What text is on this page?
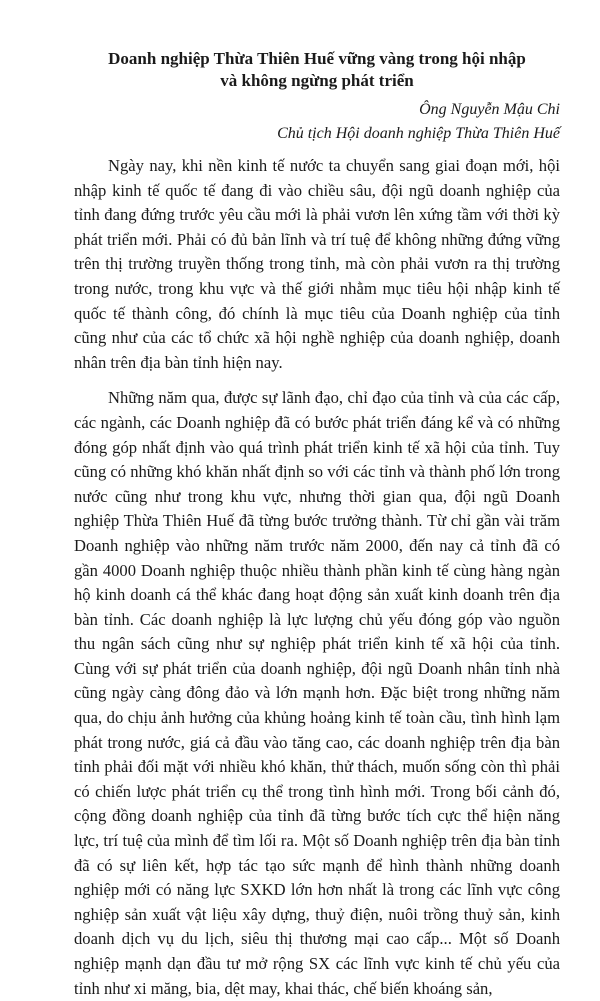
Doanh nghiệp Thừa Thiên Huế vững vàng trong hội nhập
và không ngừng phát triển
Ông Nguyễn Mậu Chi
Chủ tịch Hội doanh nghiệp Thừa Thiên Huế

Ngày nay, khi nền kinh tế nước ta chuyển sang giai đoạn mới, hội nhập kinh tế quốc tế đang đi vào chiều sâu, đội ngũ doanh nghiệp của tỉnh đang đứng trước yêu cầu mới là phải vươn lên xứng tầm với thời kỳ phát triển mới. Phải có đủ bản lĩnh và trí tuệ để không những đứng vững trên thị trường truyền thống trong tỉnh, mà còn phải vươn ra thị trường trong nước, trong khu vực và thế giới nhằm mục tiêu hội nhập kinh tế quốc tế thành công, đó chính là mục tiêu của Doanh nghiệp của tỉnh cũng như của các tổ chức xã hội nghề nghiệp của doanh nghiệp, doanh nhân trên địa bàn tỉnh hiện nay.

Những năm qua, được sự lãnh đạo, chỉ đạo của tỉnh và của các cấp, các ngành, các Doanh nghiệp đã có bước phát triển đáng kể và có những đóng góp nhất định vào quá trình phát triển kinh tế xã hội của tỉnh. Tuy cũng có những khó khăn nhất định so với các tỉnh và thành phố lớn trong nước cũng như trong khu vực, nhưng thời gian qua, đội ngũ Doanh nghiệp Thừa Thiên Huế đã từng bước trưởng thành. Từ chỉ gần vài trăm Doanh nghiệp vào những năm trước năm 2000, đến nay cả tỉnh đã có gần 4000 Doanh nghiệp thuộc nhiều thành phần kinh tế cùng hàng ngàn hộ kinh doanh cá thể khác đang hoạt động sản xuất kinh doanh trên địa bàn tỉnh. Các doanh nghiệp là lực lượng chủ yếu đóng góp vào nguồn thu ngân sách cũng như sự nghiệp phát triển kinh tế xã hội của tỉnh. Cùng với sự phát triển của doanh nghiệp, đội ngũ Doanh nhân tỉnh nhà cũng ngày càng đông đảo và lớn mạnh hơn. Đặc biệt trong những năm qua, do chịu ảnh hưởng của khủng hoảng kinh tế toàn cầu, tình hình lạm phát trong nước, giá cả đầu vào tăng cao, các doanh nghiệp trên địa bàn tỉnh phải đối mặt với nhiều khó khăn, thử thách, muốn sống còn thì phải có chiến lược phát triển cụ thể trong tình hình mới. Trong bối cảnh đó, cộng đồng doanh nghiệp của tỉnh đã từng bước tích cực thể hiện năng lực, trí tuệ của mình để tìm lối ra. Một số Doanh nghiệp trên địa bàn tỉnh đã có sự liên kết, hợp tác tạo sức mạnh để hình thành những doanh nghiệp mới có năng lực SXKD lớn hơn nhất là trong các lĩnh vực công nghiệp sản xuất vật liệu xây dựng, thuỷ điện, nuôi trồng thuỷ sản, kinh doanh dịch vụ du lịch, siêu thị thương mại cao cấp... Một số Doanh nghiệp mạnh dạn đầu tư mở rộng SX các lĩnh vực kinh tế chủ yếu của tỉnh như xi măng, bia, dệt may, khai thác, chế biến khoáng sản,
